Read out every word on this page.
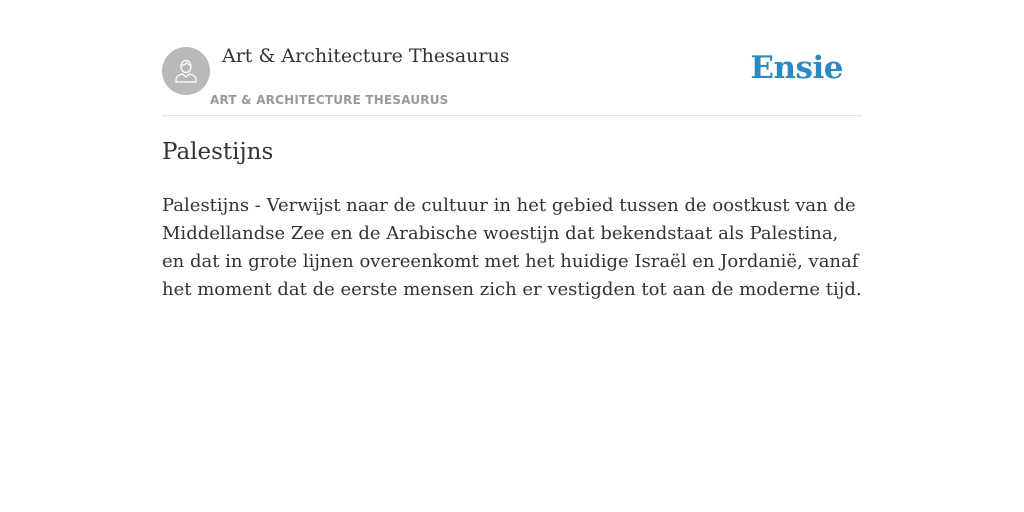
Art & Architecture Thesaurus
ART & ARCHITECTURE THESAURUS
Ensie
Palestijns

Palestijns - Verwijst naar de cultuur in het gebied tussen de oostkust van de Middellandse Zee en de Arabische woestijn dat bekendstaat als Palestina, en dat in grote lijnen overeenkomt met het huidige Israël en Jordanië, vanaf het moment dat de eerste mensen zich er vestigden tot aan de moderne tijd.
